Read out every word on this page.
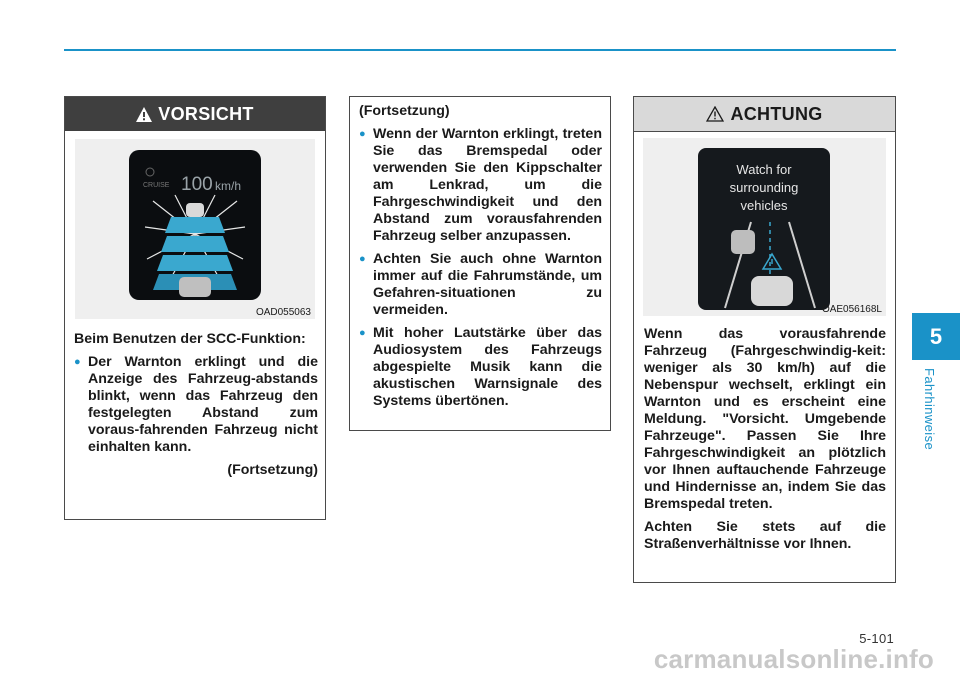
VORSICHT
CRUISE 100 km/h
OAD055063

Beim Benutzen der SCC-Funktion:

● Der Warnton erklingt und die Anzeige des Fahrzeug-abstands blinkt, wenn das Fahrzeug den festgelegten Abstand zum voraus-fahrenden Fahrzeug nicht einhalten kann.

(Fortsetzung)

(Fortsetzung)

● Wenn der Warnton erklingt, treten Sie das Bremspedal oder verwenden Sie den Kippschalter am Lenkrad, um die Fahrgeschwindigkeit und den Abstand zum vorausfahrenden Fahrzeug selber anzupassen.
● Achten Sie auch ohne Warnton immer auf die Fahrumstände, um Gefahren-situationen zu vermeiden.
● Mit hoher Lautstärke über das Audiosystem des Fahrzeugs abgespielte Musik kann die akustischen Warnsignale des Systems übertönen.
ACHTUNG
Watch for
surrounding
vehicles
OAE056168L

Wenn das vorausfahrende Fahrzeug (Fahrgeschwindig-keit: weniger als 30 km/h) auf die Nebenspur wechselt, erklingt ein Warnton und es erscheint eine Meldung. "Vorsicht. Umgebende Fahrzeuge". Passen Sie Ihre Fahrgeschwindigkeit an plötzlich vor Ihnen auftauchende Fahrzeuge und Hindernisse an, indem Sie das Bremspedal treten.

Achten Sie stets auf die Straßenverhältnisse vor Ihnen.

5
Fahrhinweise
5-101
carmanualsonline.info
